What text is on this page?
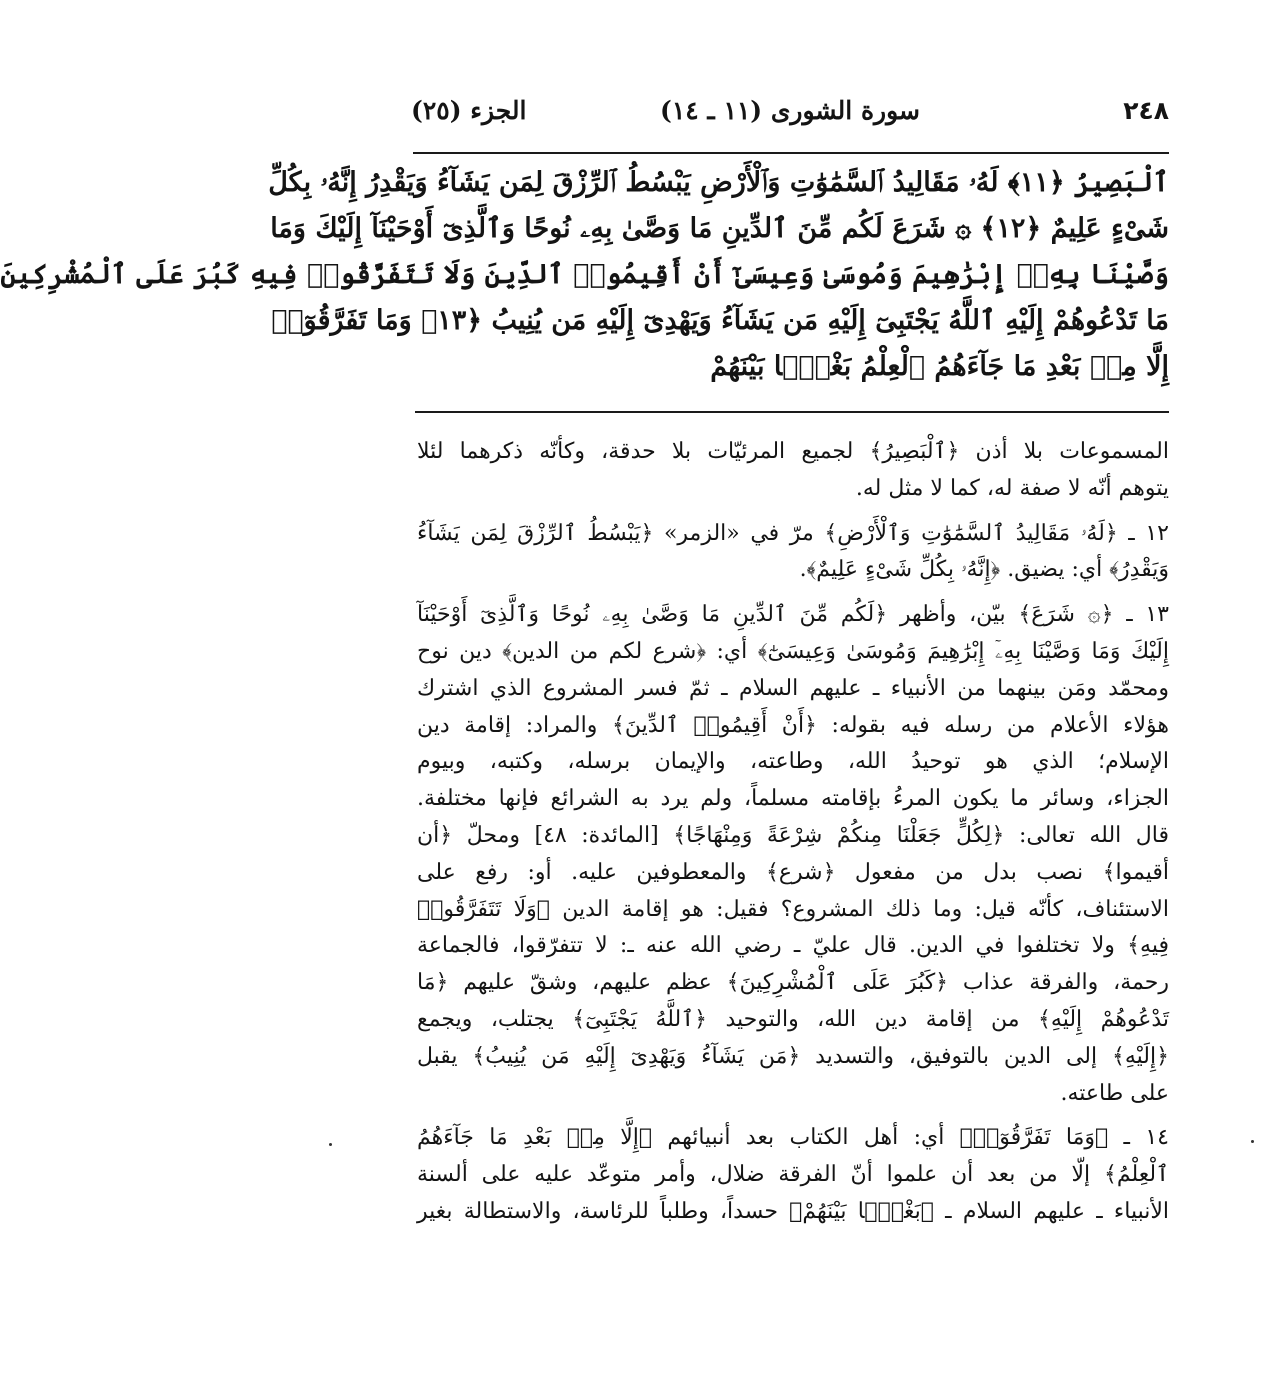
٢٤٨
سورة الشورى (١١ ـ ١٤)
الجزء (٢٥)
ٱلْبَصِيرُ ﴿١١﴾ لَهُۥ مَقَالِيدُ ٱلسَّمَٰوَٰتِ وَٱلْأَرْضِ يَبْسُطُ ٱلرِّزْقَ لِمَن يَشَآءُ وَيَقْدِرُ إِنَّهُۥ بِكُلِّ
شَىْءٍ عَلِيمٌ ﴿١٢﴾ ۞ شَرَعَ لَكُم مِّنَ ٱلدِّينِ مَا وَصَّىٰ بِهِۦ نُوحًا وَٱلَّذِىٓ أَوْحَيْنَآ إِلَيْكَ وَمَا
وَصَّيْنَا بِهِۦٓ إِبْرَٰهِيمَ وَمُوسَىٰ وَعِيسَىٰٓ أَنْ أَقِيمُوا۟ ٱلدِّينَ وَلَا تَتَفَرَّقُوا۟ فِيهِ كَبُرَ عَلَى ٱلْمُشْرِكِينَ
مَا تَدْعُوهُمْ إِلَيْهِ ٱللَّهُ يَجْتَبِىٓ إِلَيْهِ مَن يَشَآءُ وَيَهْدِىٓ إِلَيْهِ مَن يُنِيبُ ﴿١٣﴾ وَمَا تَفَرَّقُوٓا۟
إِلَّا مِنۢ بَعْدِ مَا جَآءَهُمُ ٱلْعِلْمُ بَغْيًۢا بَيْنَهُمْ
المسموعات بلا أذن ﴿ٱلْبَصِيرُ﴾ لجميع المرئيّات بلا حدقة، وكأنّه ذكرهما لئلا
يتوهم أنّه لا صفة له، كما لا مثل له.
١٢ ـ ﴿لَهُۥ مَقَالِيدُ ٱلسَّمَٰوَٰتِ وَٱلْأَرْضِ﴾ مرّ في «الزمر» ﴿يَبْسُطُ ٱلرِّزْقَ لِمَن يَشَآءُ
وَيَقْدِرُ﴾ أي: يضيق. ﴿إِنَّهُۥ بِكُلِّ شَىْءٍ عَلِيمٌ﴾.
١٣ ـ ﴿۞ شَرَعَ﴾ بيّن، وأظهر ﴿لَكُم مِّنَ ٱلدِّينِ مَا وَصَّىٰ بِهِۦ نُوحًا وَٱلَّذِىٓ أَوْحَيْنَآ
إِلَيْكَ وَمَا وَصَّيْنَا بِهِۦٓ إِبْرَٰهِيمَ وَمُوسَىٰ وَعِيسَىٰٓ﴾ أي: ﴿شرع لكم من الدين﴾ دين نوح
ومحمّد ومَن بينهما من الأنبياء ـ عليهم السلام ـ ثمّ فسر المشروع الذي اشترك
هؤلاء الأعلام من رسله فيه بقوله: ﴿أَنْ أَقِيمُوا۟ ٱلدِّينَ﴾ والمراد: إقامة دين
الإسلام؛ الذي هو توحيدُ الله، وطاعته، والإيمان برسله، وكتبه، وبيوم
الجزاء، وسائر ما يكون المرءُ بإقامته مسلماً، ولم يرد به الشرائع فإنها مختلفة.
قال الله تعالى: ﴿لِكُلٍّ جَعَلْنَا مِنكُمْ شِرْعَةً وَمِنْهَاجًا﴾ [المائدة: ٤٨] ومحلّ ﴿أن
أقيموا﴾ نصب بدل من مفعول ﴿شرع﴾ والمعطوفين عليه. أو: رفع على
الاستئناف، كأنّه قيل: وما ذلك المشروع؟ فقيل: هو إقامة الدين ﴿وَلَا تَتَفَرَّقُوا۟
فِيهِ﴾ ولا تختلفوا في الدين. قال عليّ ـ رضي الله عنه ـ: لا تتفرّقوا، فالجماعة
رحمة، والفرقة عذاب ﴿كَبُرَ عَلَى ٱلْمُشْرِكِينَ﴾ عظم عليهم، وشقّ عليهم ﴿مَا
تَدْعُوهُمْ إِلَيْهِ﴾ من إقامة دين الله، والتوحيد ﴿ٱللَّهُ يَجْتَبِىٓ﴾ يجتلب، ويجمع
﴿إِلَيْهِ﴾ إلى الدين بالتوفيق، والتسديد ﴿مَن يَشَآءُ وَيَهْدِىٓ إِلَيْهِ مَن يُنِيبُ﴾ يقبل
على طاعته.
١٤ ـ ﴿وَمَا تَفَرَّقُوٓا۟﴾ أي: أهل الكتاب بعد أنبيائهم ﴿إِلَّا مِنۢ بَعْدِ مَا جَآءَهُمُ
ٱلْعِلْمُ﴾ إلّا من بعد أن علموا أنّ الفرقة ضلال، وأمر متوعّد عليه على ألسنة
الأنبياء ـ عليهم السلام ـ ﴿بَغْيًۢا بَيْنَهُمْ﴾ حسداً، وطلباً للرئاسة، والاستطالة بغير
